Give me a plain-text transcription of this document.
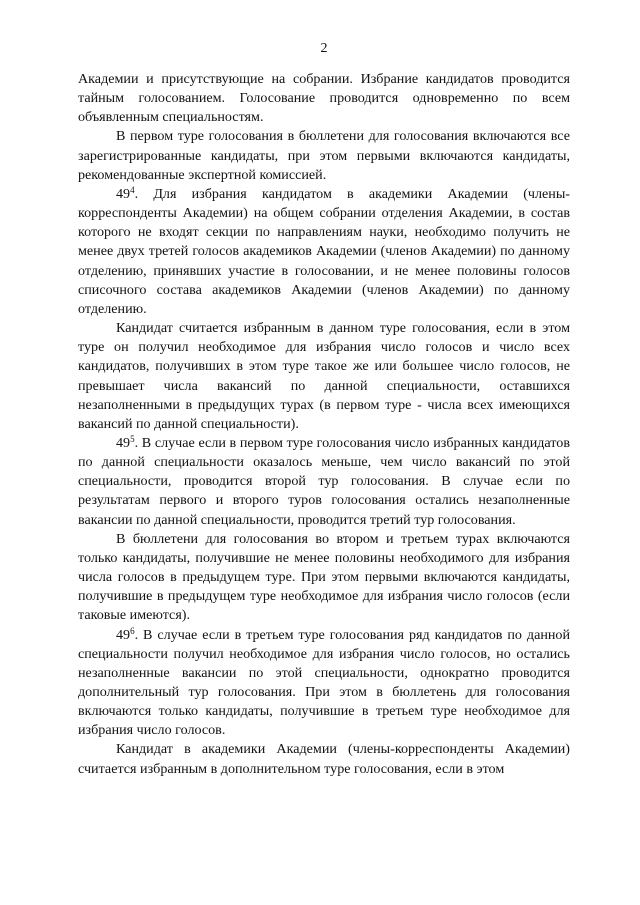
2

Академии и присутствующие на собрании. Избрание кандидатов проводится тайным голосованием. Голосование проводится одновременно по всем объявленным специальностям.

В первом туре голосования в бюллетени для голосования включаются все зарегистрированные кандидаты, при этом первыми включаются кандидаты, рекомендованные экспертной комиссией.

$49^4$. Для избрания кандидатом в академики Академии (члены-корреспонденты Академии) на общем собрании отделения Академии, в состав которого не входят секции по направлениям науки, необходимо получить не менее двух третей голосов академиков Академии (членов Академии) по данному отделению, принявших участие в голосовании, и не менее половины голосов списочного состава академиков Академии (членов Академии) по данному отделению.

Кандидат считается избранным в данном туре голосования, если в этом туре он получил необходимое для избрания число голосов и число всех кандидатов, получивших в этом туре такое же или большее число голосов, не превышает числа вакансий по данной специальности, оставшихся незаполненными в предыдущих турах (в первом туре - числа всех имеющихся вакансий по данной специальности).

$49^5$. В случае если в первом туре голосования число избранных кандидатов по данной специальности оказалось меньше, чем число вакансий по этой специальности, проводится второй тур голосования. В случае если по результатам первого и второго туров голосования остались незаполненные вакансии по данной специальности, проводится третий тур голосования.

В бюллетени для голосования во втором и третьем турах включаются только кандидаты, получившие не менее половины необходимого для избрания числа голосов в предыдущем туре. При этом первыми включаются кандидаты, получившие в предыдущем туре необходимое для избрания число голосов (если таковые имеются).

$49^6$. В случае если в третьем туре голосования ряд кандидатов по данной специальности получил необходимое для избрания число голосов, но остались незаполненные вакансии по этой специальности, однократно проводится дополнительный тур голосования. При этом в бюллетень для голосования включаются только кандидаты, получившие в третьем туре необходимое для избрания число голосов.

Кандидат в академики Академии (члены-корреспонденты Академии) считается избранным в дополнительном туре голосования, если в этом
